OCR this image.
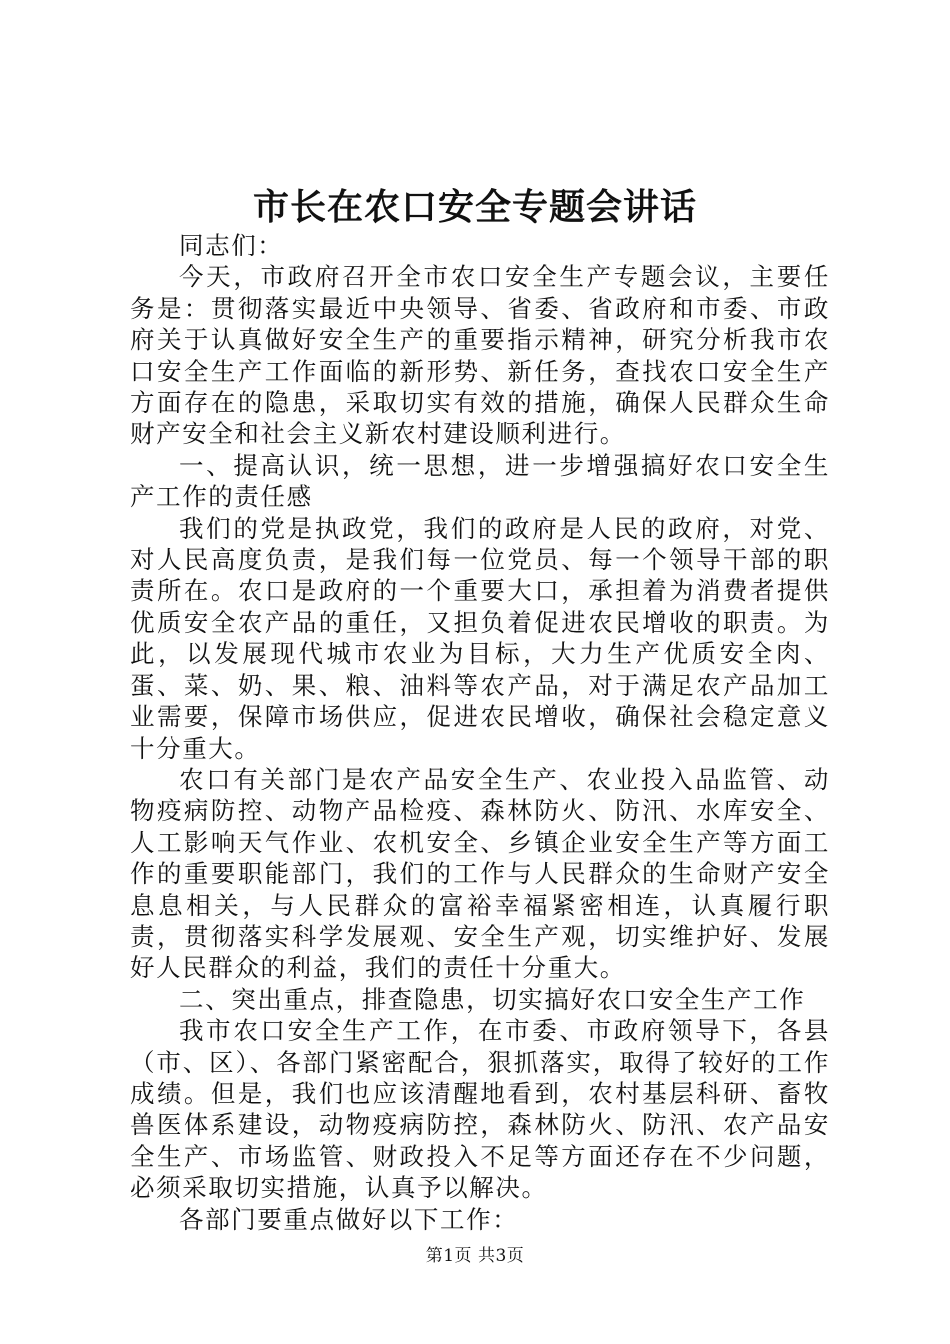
市长在农口安全专题会讲话

同志们：

今天，市政府召开全市农口安全生产专题会议，主要任务是：贯彻落实最近中央领导、省委、省政府和市委、市政府关于认真做好安全生产的重要指示精神，研究分析我市农口安全生产工作面临的新形势、新任务，查找农口安全生产方面存在的隐患，采取切实有效的措施，确保人民群众生命财产安全和社会主义新农村建设顺利进行。

一、提高认识，统一思想，进一步增强搞好农口安全生产工作的责任感

我们的党是执政党，我们的政府是人民的政府，对党、对人民高度负责，是我们每一位党员、每一个领导干部的职责所在。农口是政府的一个重要大口，承担着为消费者提供优质安全农产品的重任，又担负着促进农民增收的职责。为此，以发展现代城市农业为目标，大力生产优质安全肉、蛋、菜、奶、果、粮、油料等农产品，对于满足农产品加工业需要，保障市场供应，促进农民增收，确保社会稳定意义十分重大。

农口有关部门是农产品安全生产、农业投入品监管、动物疫病防控、动物产品检疫、森林防火、防汛、水库安全、人工影响天气作业、农机安全、乡镇企业安全生产等方面工作的重要职能部门，我们的工作与人民群众的生命财产安全息息相关，与人民群众的富裕幸福紧密相连，认真履行职责，贯彻落实科学发展观、安全生产观，切实维护好、发展好人民群众的利益，我们的责任十分重大。

二、突出重点，排查隐患，切实搞好农口安全生产工作

我市农口安全生产工作，在市委、市政府领导下，各县（市、区）、各部门紧密配合，狠抓落实，取得了较好的工作成绩。但是，我们也应该清醒地看到，农村基层科研、畜牧兽医体系建设，动物疫病防控，森林防火、防汛、农产品安全生产、市场监管、财政投入不足等方面还存在不少问题，必须采取切实措施，认真予以解决。

各部门要重点做好以下工作：

第1页 共3页
